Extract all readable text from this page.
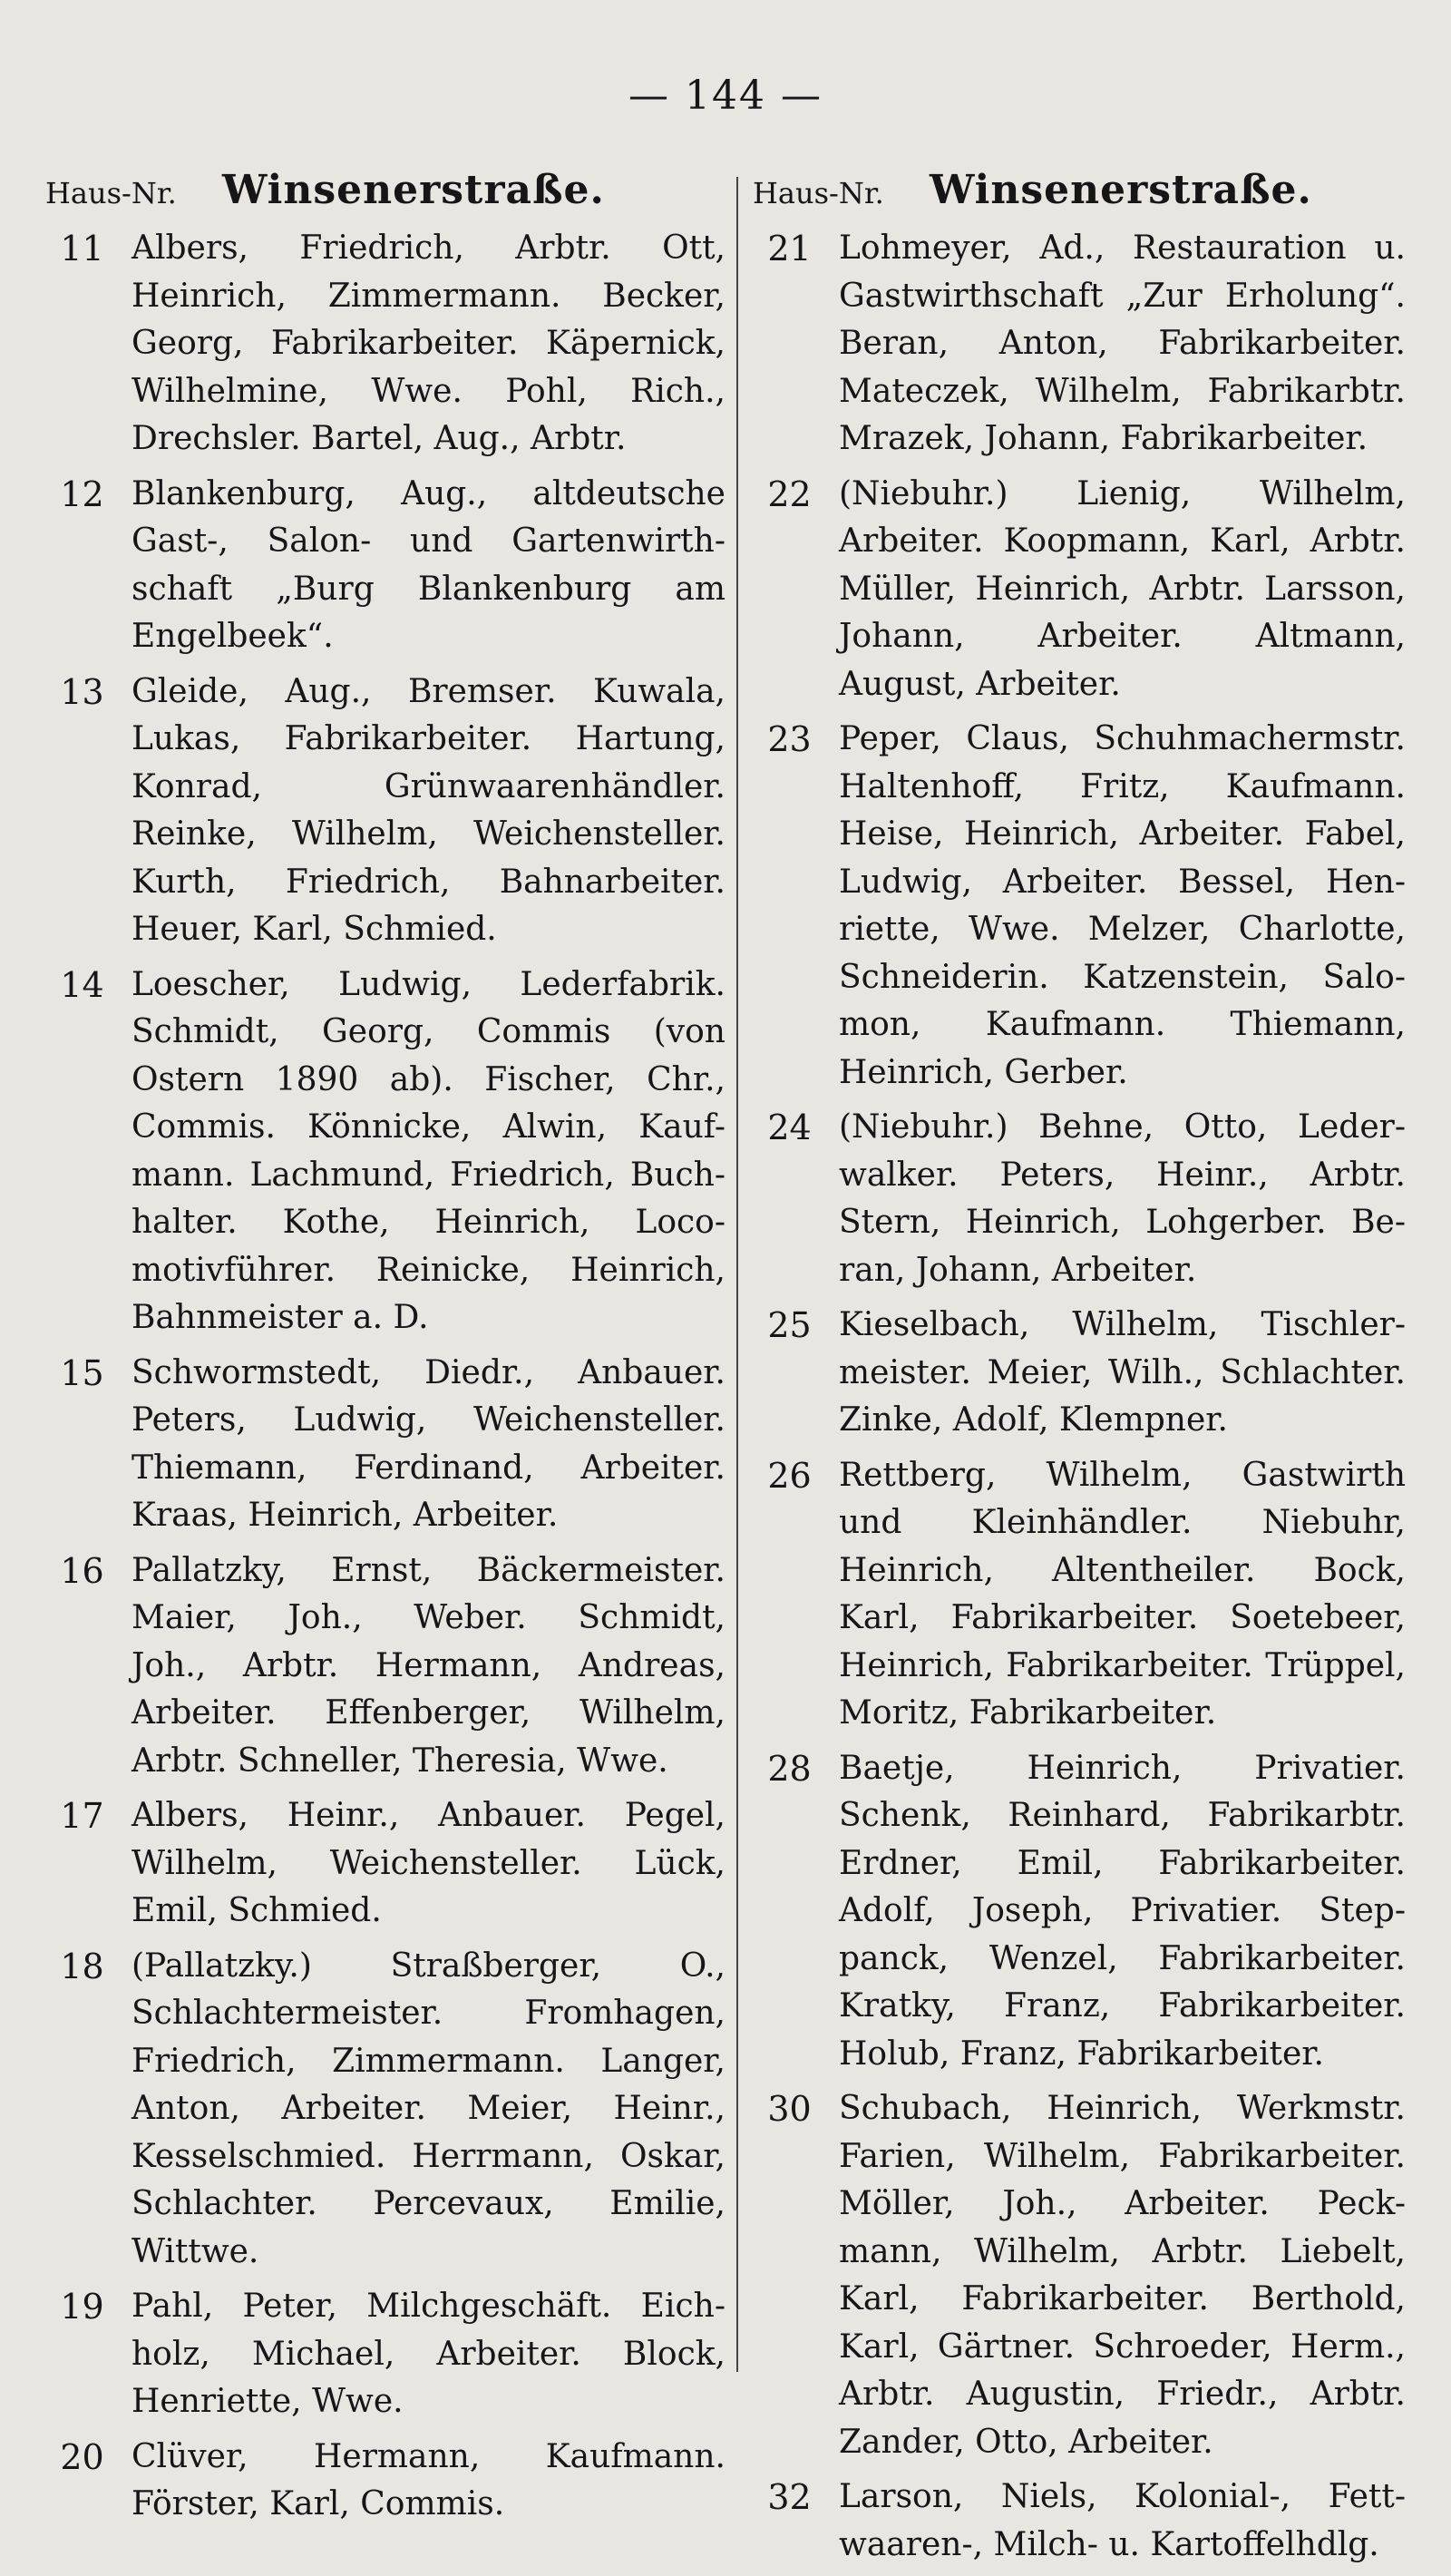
— 144 —
Haus-Nr. Winsenerstraße.
11 Albers, Friedrich, Arbtr. Ott,
Heinrich, Zimmermann. Becker,
Georg, Fabrikarbeiter. Käpernick,
Wilhelmine, Wwe. Pohl, Rich.,
Drechsler. Bartel, Aug., Arbtr.
12 Blankenburg, Aug., altdeutsche
Gast-, Salon- und Gartenwirth-
schaft „Burg Blankenburg am
Engelbeek“.
13 Gleide, Aug., Bremser. Kuwala,
Lukas, Fabrikarbeiter. Hartung,
Konrad, Grünwaarenhändler.
Reinke, Wilhelm, Weichensteller.
Kurth, Friedrich, Bahnarbeiter.
Heuer, Karl, Schmied.
14 Loescher, Ludwig, Lederfabrik.
Schmidt, Georg, Commis (von
Ostern 1890 ab). Fischer, Chr.,
Commis. Könnicke, Alwin, Kauf-
mann. Lachmund, Friedrich, Buch-
halter. Kothe, Heinrich, Loco-
motivführer. Reinicke, Heinrich,
Bahnmeister a. D.
15 Schwormstedt, Diedr., Anbauer.
Peters, Ludwig, Weichensteller.
Thiemann, Ferdinand, Arbeiter.
Kraas, Heinrich, Arbeiter.
16 Pallatzky, Ernst, Bäckermeister.
Maier, Joh., Weber. Schmidt,
Joh., Arbtr. Hermann, Andreas,
Arbeiter. Effenberger, Wilhelm,
Arbtr. Schneller, Theresia, Wwe.
17 Albers, Heinr., Anbauer. Pegel,
Wilhelm, Weichensteller. Lück,
Emil, Schmied.
18 (Pallatzky.) Straßberger, O.,
Schlachtermeister. Fromhagen,
Friedrich, Zimmermann. Langer,
Anton, Arbeiter. Meier, Heinr.,
Kesselschmied. Herrmann, Oskar,
Schlachter. Percevaux, Emilie,
Wittwe.
19 Pahl, Peter, Milchgeschäft. Eich-
holz, Michael, Arbeiter. Block,
Henriette, Wwe.
20 Clüver, Hermann, Kaufmann.
Förster, Karl, Commis.
Haus-Nr. Winsenerstraße.
21 Lohmeyer, Ad., Restauration u.
Gastwirthschaft „Zur Erholung“.
Beran, Anton, Fabrikarbeiter.
Mateczek, Wilhelm, Fabrikarbtr.
Mrazek, Johann, Fabrikarbeiter.
22 (Niebuhr.) Lienig, Wilhelm,
Arbeiter. Koopmann, Karl, Arbtr.
Müller, Heinrich, Arbtr. Larsson,
Johann, Arbeiter. Altmann,
August, Arbeiter.
23 Peper, Claus, Schuhmachermstr.
Haltenhoff, Fritz, Kaufmann.
Heise, Heinrich, Arbeiter. Fabel,
Ludwig, Arbeiter. Bessel, Hen-
riette, Wwe. Melzer, Charlotte,
Schneiderin. Katzenstein, Salo-
mon, Kaufmann. Thiemann,
Heinrich, Gerber.
24 (Niebuhr.) Behne, Otto, Leder-
walker. Peters, Heinr., Arbtr.
Stern, Heinrich, Lohgerber. Be-
ran, Johann, Arbeiter.
25 Kieselbach, Wilhelm, Tischler-
meister. Meier, Wilh., Schlachter.
Zinke, Adolf, Klempner.
26 Rettberg, Wilhelm, Gastwirth
und Kleinhändler. Niebuhr,
Heinrich, Altentheiler. Bock,
Karl, Fabrikarbeiter. Soetebeer,
Heinrich, Fabrikarbeiter. Trüppel,
Moritz, Fabrikarbeiter.
28 Baetje, Heinrich, Privatier.
Schenk, Reinhard, Fabrikarbtr.
Erdner, Emil, Fabrikarbeiter.
Adolf, Joseph, Privatier. Step-
panck, Wenzel, Fabrikarbeiter.
Kratky, Franz, Fabrikarbeiter.
Holub, Franz, Fabrikarbeiter.
30 Schubach, Heinrich, Werkmstr.
Farien, Wilhelm, Fabrikarbeiter.
Möller, Joh., Arbeiter. Peck-
mann, Wilhelm, Arbtr. Liebelt,
Karl, Fabrikarbeiter. Berthold,
Karl, Gärtner. Schroeder, Herm.,
Arbtr. Augustin, Friedr., Arbtr.
Zander, Otto, Arbeiter.
32 Larson, Niels, Kolonial-, Fett-
waaren-, Milch- u. Kartoffelhdlg.
